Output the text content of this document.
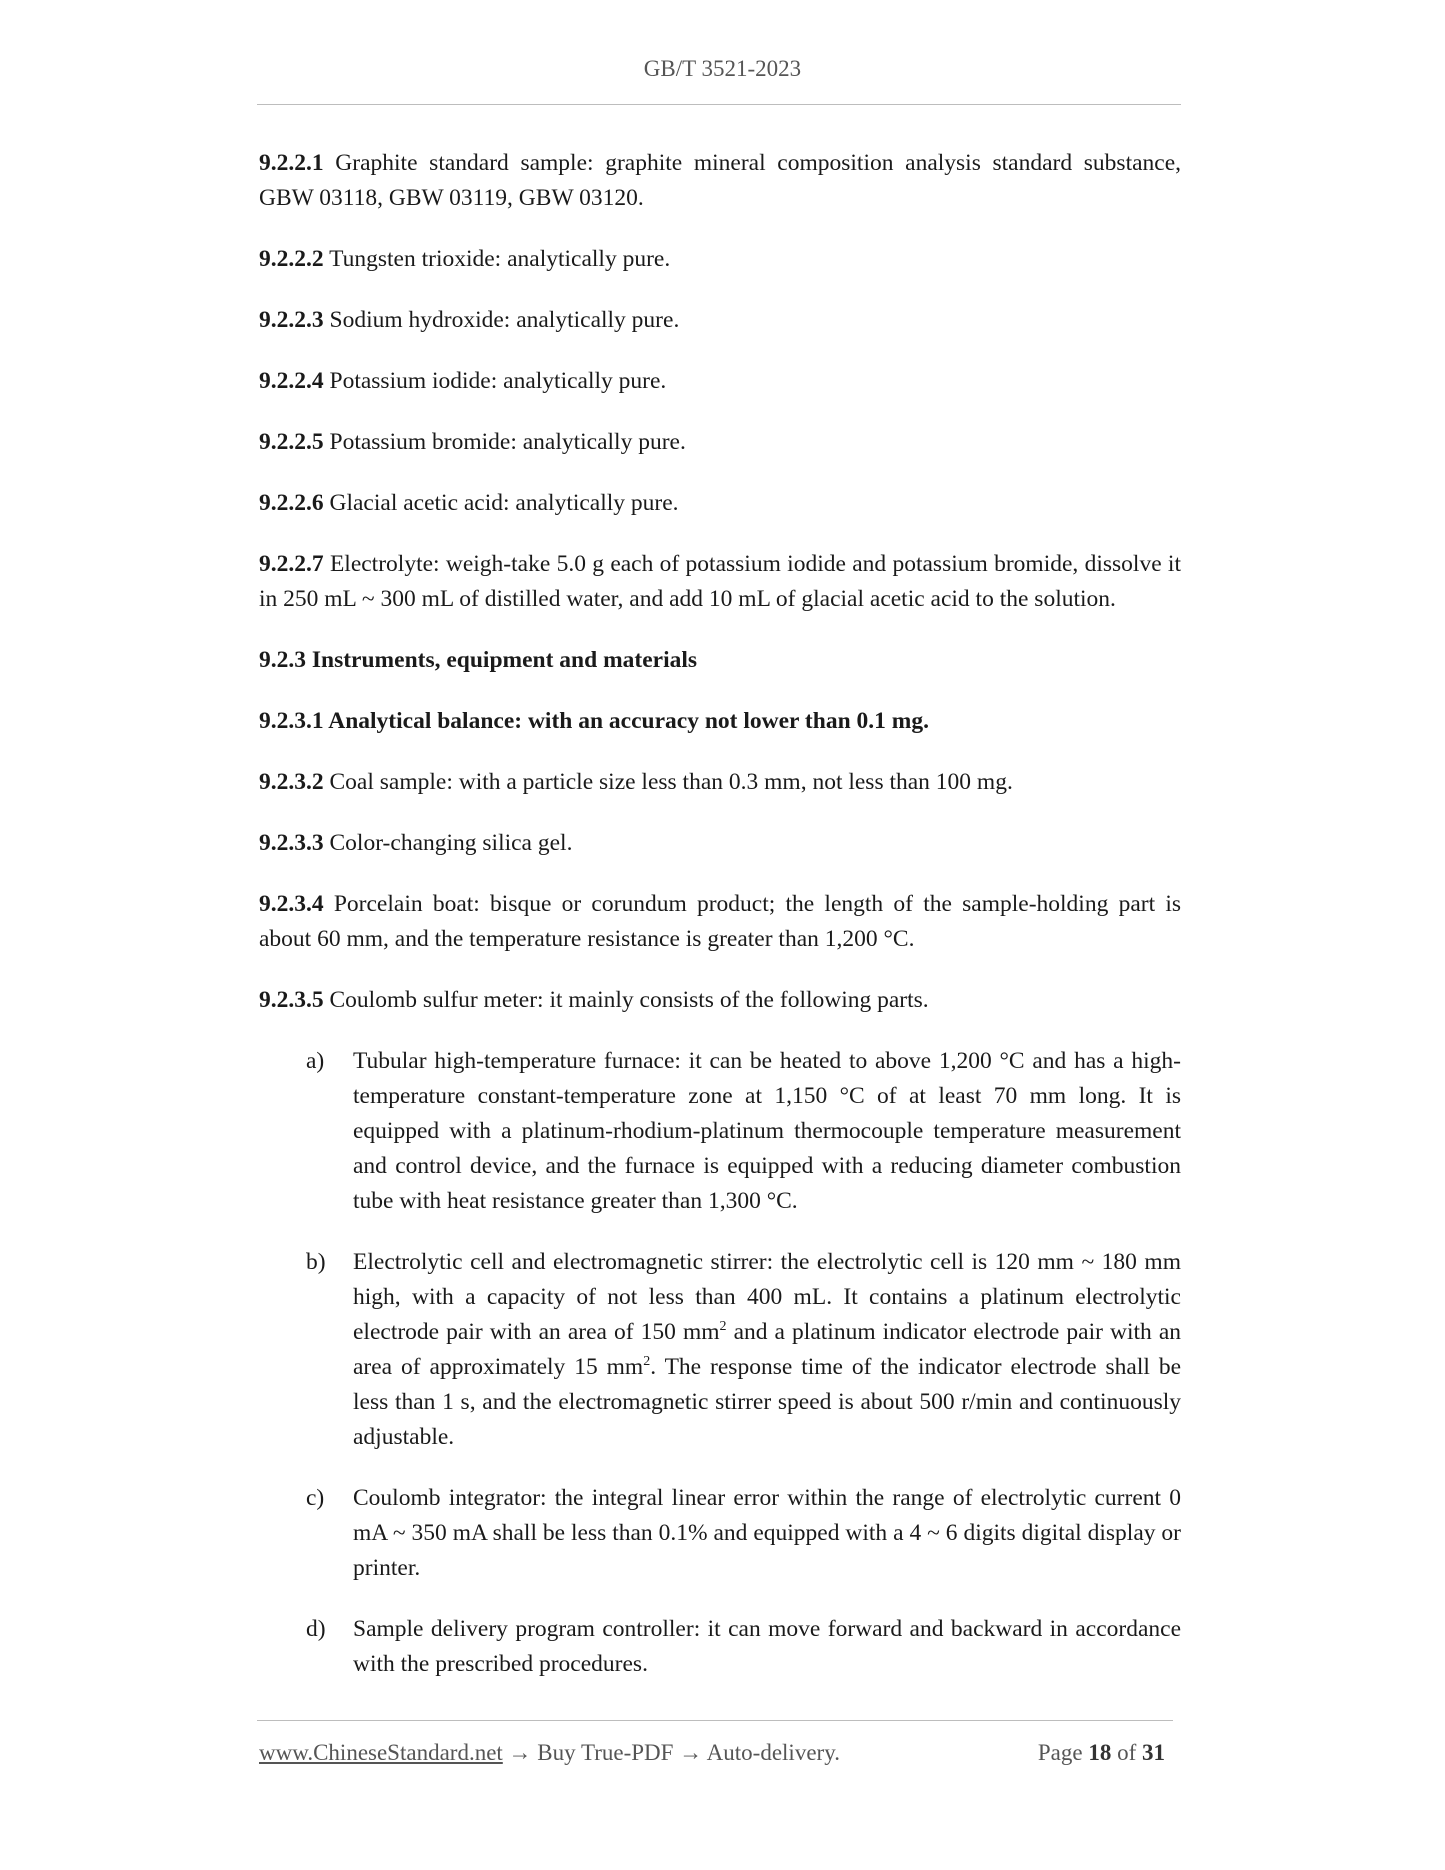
GB/T 3521-2023

9.2.2.1 Graphite standard sample: graphite mineral composition analysis standard substance, GBW 03118, GBW 03119, GBW 03120.

9.2.2.2 Tungsten trioxide: analytically pure.

9.2.2.3 Sodium hydroxide: analytically pure.

9.2.2.4 Potassium iodide: analytically pure.

9.2.2.5 Potassium bromide: analytically pure.

9.2.2.6 Glacial acetic acid: analytically pure.

9.2.2.7 Electrolyte: weigh-take 5.0 g each of potassium iodide and potassium bromide, dissolve it in 250 mL ~ 300 mL of distilled water, and add 10 mL of glacial acetic acid to the solution.

9.2.3 Instruments, equipment and materials

9.2.3.1 Analytical balance: with an accuracy not lower than 0.1 mg.

9.2.3.2 Coal sample: with a particle size less than 0.3 mm, not less than 100 mg.

9.2.3.3 Color-changing silica gel.

9.2.3.4 Porcelain boat: bisque or corundum product; the length of the sample-holding part is about 60 mm, and the temperature resistance is greater than 1,200 °C.

9.2.3.5 Coulomb sulfur meter: it mainly consists of the following parts.

a) Tubular high-temperature furnace: it can be heated to above 1,200 °C and has a high-temperature constant-temperature zone at 1,150 °C of at least 70 mm long. It is equipped with a platinum-rhodium-platinum thermocouple temperature measurement and control device, and the furnace is equipped with a reducing diameter combustion tube with heat resistance greater than 1,300 °C.
b) Electrolytic cell and electromagnetic stirrer: the electrolytic cell is 120 mm ~ 180 mm high, with a capacity of not less than 400 mL. It contains a platinum electrolytic electrode pair with an area of 150 $mm^2$ and a platinum indicator electrode pair with an area of approximately 15 $mm^2$. The response time of the indicator electrode shall be less than 1 s, and the electromagnetic stirrer speed is about 500 r/min and continuously adjustable.
c) Coulomb integrator: the integral linear error within the range of electrolytic current 0 mA ~ 350 mA shall be less than 0.1% and equipped with a 4 ~ 6 digits digital display or printer.
d) Sample delivery program controller: it can move forward and backward in accordance with the prescribed procedures.
www.ChineseStandard.net → Buy True-PDF → Auto-delivery.	Page 18 of 31
